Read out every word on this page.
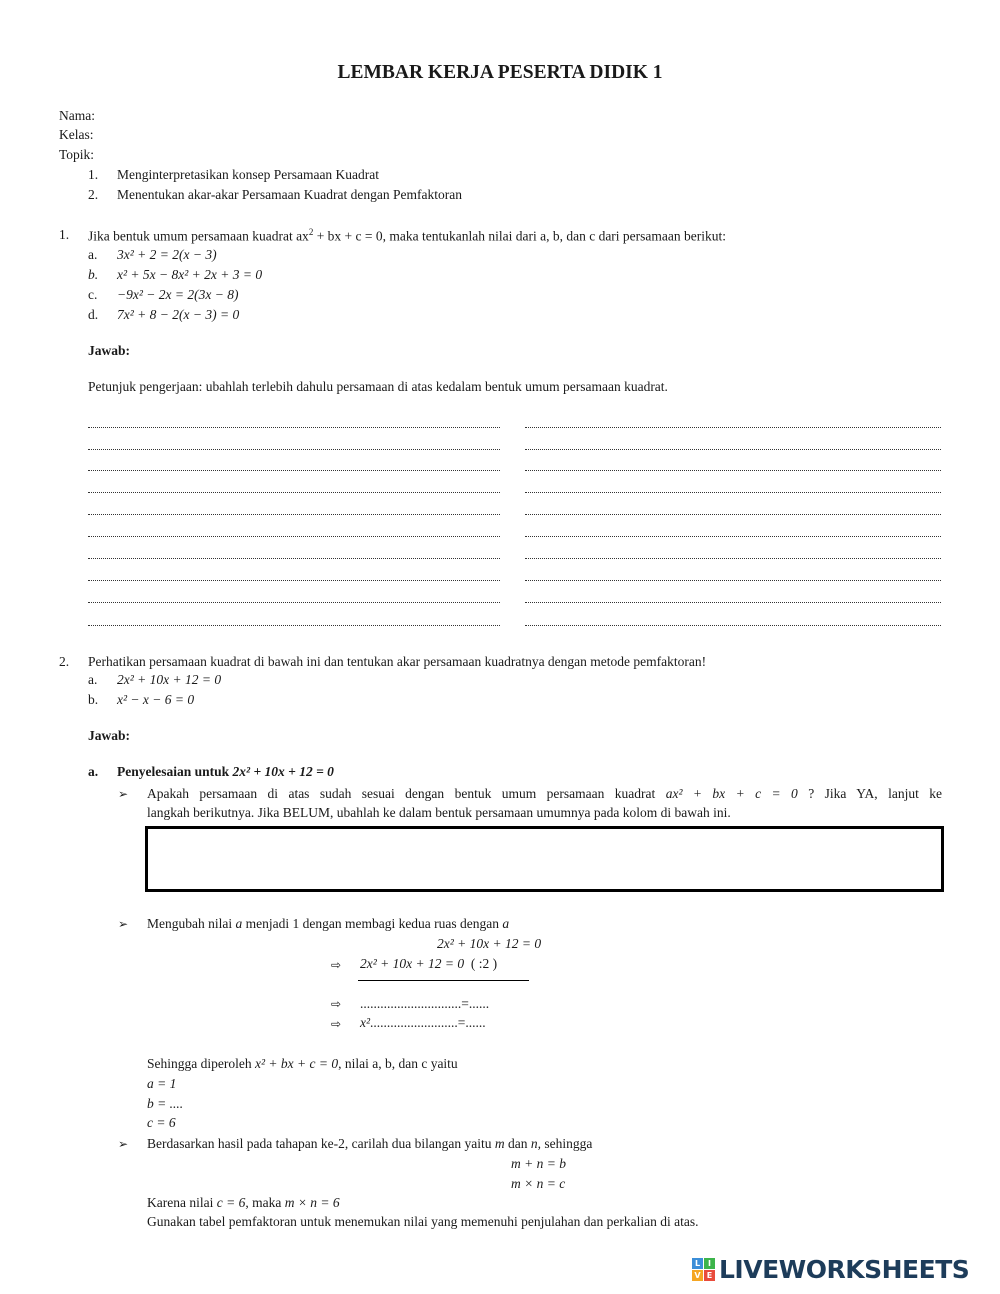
LEMBAR KERJA PESERTA DIDIK 1
Nama:
Kelas:
Topik:
1. Menginterpretasikan konsep Persamaan Kuadrat
2. Menentukan akar-akar Persamaan Kuadrat dengan Pemfaktoran
1. Jika bentuk umum persamaan kuadrat $ax^2$ + bx + c = 0, maka tentukanlah nilai dari a, b, dan c dari persamaan berikut:
a. 3x² + 2 = 2(x − 3)
b. x² + 5x − 8x² + 2x + 3 = 0
c. −9x² − 2x = 2(3x − 8)
d. 7x² + 8 − 2(x − 3) = 0
Jawab:
Petunjuk pengerjaan: ubahlah terlebih dahulu persamaan di atas kedalam bentuk umum persamaan kuadrat.
2. Perhatikan persamaan kuadrat di bawah ini dan tentukan akar persamaan kuadratnya dengan metode pemfaktoran!
a. 2x² + 10x + 12 = 0
b. x² − x − 6 = 0
Jawab:
a. Penyelesaian untuk 2x² + 10x + 12 = 0
➢ Apakah persamaan di atas sudah sesuai dengan bentuk umum persamaan kuadrat ax² + bx + c = 0 ? Jika YA, lanjut ke
langkah berikutnya. Jika BELUM, ubahlah ke dalam bentuk persamaan umumnya pada kolom di bawah ini.
➢ Mengubah nilai a menjadi 1 dengan membagi kedua ruas dengan a
2x² + 10x + 12 = 0
⇨ 2x² + 10x + 12 = 0 ( :2 )
⇨ ..............................=......
⇨ x²..........................=......
Sehingga diperoleh x² + bx + c = 0, nilai a, b, dan c yaitu
a = 1
b = ....
c = 6
➢ Berdasarkan hasil pada tahapan ke-2, carilah dua bilangan yaitu m dan n, sehingga
m + n = b
m × n = c
Karena nilai c = 6, maka m × n = 6
Gunakan tabel pemfaktoran untuk menemukan nilai yang memenuhi penjulahan dan perkalian di atas.
L I
V E LIVEWORKSHEETS
